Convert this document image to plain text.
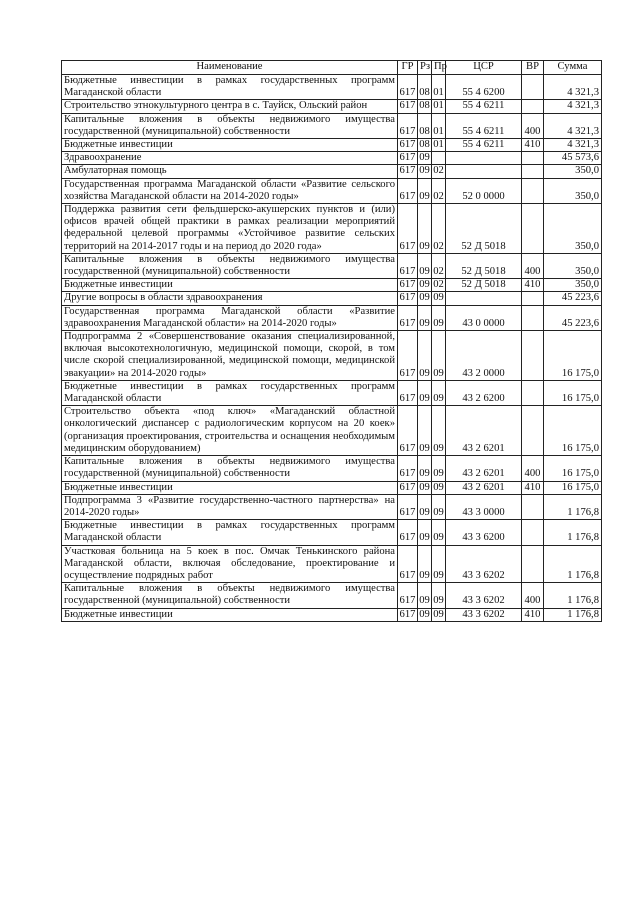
Наименование	ГР	Рз	Пр	ЦСР	ВР	Сумма
Бюджетные инвестиции в рамках государственных программ Магаданской области	617	08	01	55 4 6200		4 321,3
Строительство этнокультурного центра в с. Тауйск, Ольский район	617	08	01	55 4 6211		4 321,3
Капитальные вложения в объекты недвижимого имущества государственной (муниципальной) собственности	617	08	01	55 4 6211	400	4 321,3
Бюджетные инвестиции	617	08	01	55 4 6211	410	4 321,3
Здравоохранение	617	09				45 573,6
Амбулаторная помощь	617	09	02			350,0
Государственная программа Магаданской области «Развитие сельского хозяйства Магаданской области на 2014-2020 годы»	617	09	02	52 0 0000		350,0
Поддержка развития сети фельдшерско-акушерских пунктов и (или) офисов врачей общей практики в рамках реализации мероприятий федеральной целевой программы «Устойчивое развитие сельских территорий на 2014-2017 годы и на период до 2020 года»	617	09	02	52 Д 5018		350,0
Капитальные вложения в объекты недвижимого имущества государственной (муниципальной) собственности	617	09	02	52 Д 5018	400	350,0
Бюджетные инвестиции	617	09	02	52 Д 5018	410	350,0
Другие вопросы в области здравоохранения	617	09	09			45 223,6
Государственная программа Магаданской области «Развитие здравоохранения Магаданской области» на 2014-2020 годы»	617	09	09	43 0 0000		45 223,6
Подпрограмма 2 «Совершенствование оказания специализированной, включая высокотехнологичную, медицинской помощи, скорой, в том числе скорой специализированной, медицинской помощи, медицинской эвакуации» на 2014-2020 годы»	617	09	09	43 2 0000		16 175,0
Бюджетные инвестиции в рамках государственных программ Магаданской области	617	09	09	43 2 6200		16 175,0
Строительство объекта «под ключ» «Магаданский областной онкологический диспансер с радиологическим корпусом на 20 коек» (организация проектирования, строительства и оснащения необходимым медицинским оборудованием)	617	09	09	43 2 6201		16 175,0
Капитальные вложения в объекты недвижимого имущества государственной (муниципальной) собственности	617	09	09	43 2 6201	400	16 175,0
Бюджетные инвестиции	617	09	09	43 2 6201	410	16 175,0
Подпрограмма 3 «Развитие государственно-частного партнерства» на 2014-2020 годы»	617	09	09	43 3 0000		1 176,8
Бюджетные инвестиции в рамках государственных программ Магаданской области	617	09	09	43 3 6200		1 176,8
Участковая больница на 5 коек в пос. Омчак Тенькинского района Магаданской области, включая обследование, проектирование и осуществление подрядных работ	617	09	09	43 3 6202		1 176,8
Капитальные вложения в объекты недвижимого имущества государственной (муниципальной) собственности	617	09	09	43 3 6202	400	1 176,8
Бюджетные инвестиции	617	09	09	43 3 6202	410	1 176,8
